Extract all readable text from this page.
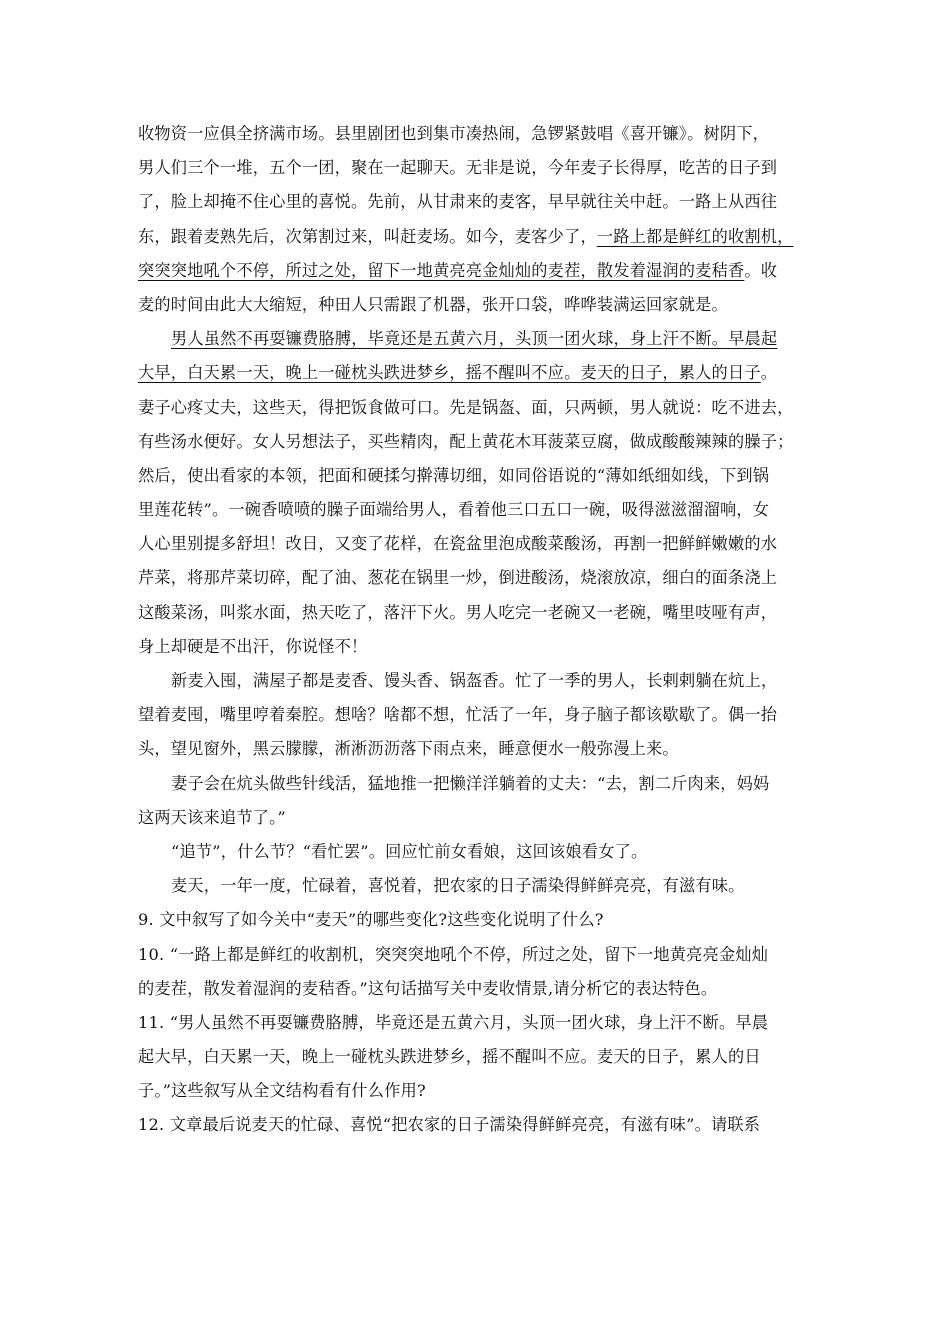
收物资一应俱全挤满市场。县里剧团也到集市凑热闹，急锣紧鼓唱《喜开镰》。树阴下，
男人们三个一堆，五个一团，聚在一起聊天。无非是说，今年麦子长得厚，吃苦的日子到
了，脸上却掩不住心里的喜悦。先前，从甘肃来的麦客，早早就往关中赶。一路上从西往
东，跟着麦熟先后，次第割过来，叫赶麦场。如今，麦客少了，一路上都是鲜红的收割机，
突突突地吼个不停，所过之处，留下一地黄亮亮金灿灿的麦茬，散发着湿润的麦秸香。收
麦的时间由此大大缩短，种田人只需跟了机器，张开口袋，哗哗装满运回家就是。
男人虽然不再耍镰费胳膊，毕竟还是五黄六月，头顶一团火球，身上汗不断。早晨起
大早，白天累一天，晚上一碰枕头跌进梦乡，摇不醒叫不应。麦天的日子，累人的日子。
妻子心疼丈夫，这些天，得把饭食做可口。先是锅盔、面，只两顿，男人就说：吃不进去，
有些汤水便好。女人另想法子，买些精肉，配上黄花木耳菠菜豆腐，做成酸酸辣辣的臊子；
然后，使出看家的本领，把面和硬揉匀擀薄切细，如同俗语说的“薄如纸细如线，下到锅
里莲花转”。一碗香喷喷的臊子面端给男人，看着他三口五口一碗，吸得滋滋溜溜响，女
人心里别提多舒坦！改日，又变了花样，在瓷盆里泡成酸菜酸汤，再割一把鲜鲜嫩嫩的水
芹菜，将那芹菜切碎，配了油、葱花在锅里一炒，倒进酸汤，烧滚放凉，细白的面条浇上
这酸菜汤，叫浆水面，热天吃了，落汗下火。男人吃完一老碗又一老碗，嘴里吱哑有声，
身上却硬是不出汗，你说怪不！
新麦入囤，满屋子都是麦香、馒头香、锅盔香。忙了一季的男人，长剌剌躺在炕上，
望着麦囤，嘴里哼着秦腔。想啥？啥都不想，忙活了一年，身子脑子都该歇歇了。偶一抬
头，望见窗外，黑云朦朦，淅淅沥沥落下雨点来，睡意便水一般弥漫上来。
妻子会在炕头做些针线活，猛地推一把懒洋洋躺着的丈夫：“去，割二斤肉来，妈妈
这两天该来追节了。”
“追节”，什么节？“看忙罢”。回应忙前女看娘，这回该娘看女了。
麦天，一年一度，忙碌着，喜悦着，把农家的日子濡染得鲜鲜亮亮，有滋有味。
9. 文中叙写了如今关中“麦天”的哪些变化?这些变化说明了什么?
10. “一路上都是鲜红的收割机，突突突地吼个不停，所过之处，留下一地黄亮亮金灿灿
的麦茬，散发着湿润的麦秸香。”这句话描写关中麦收情景,请分析它的表达特色。
11. “男人虽然不再耍镰费胳膊，毕竟还是五黄六月，头顶一团火球，身上汗不断。早晨
起大早，白天累一天，晚上一碰枕头跌进梦乡，摇不醒叫不应。麦天的日子，累人的日
子。”这些叙写从全文结构看有什么作用?
12. 文章最后说麦天的忙碌、喜悦“把农家的日子濡染得鲜鲜亮亮，有滋有味”。请联系
